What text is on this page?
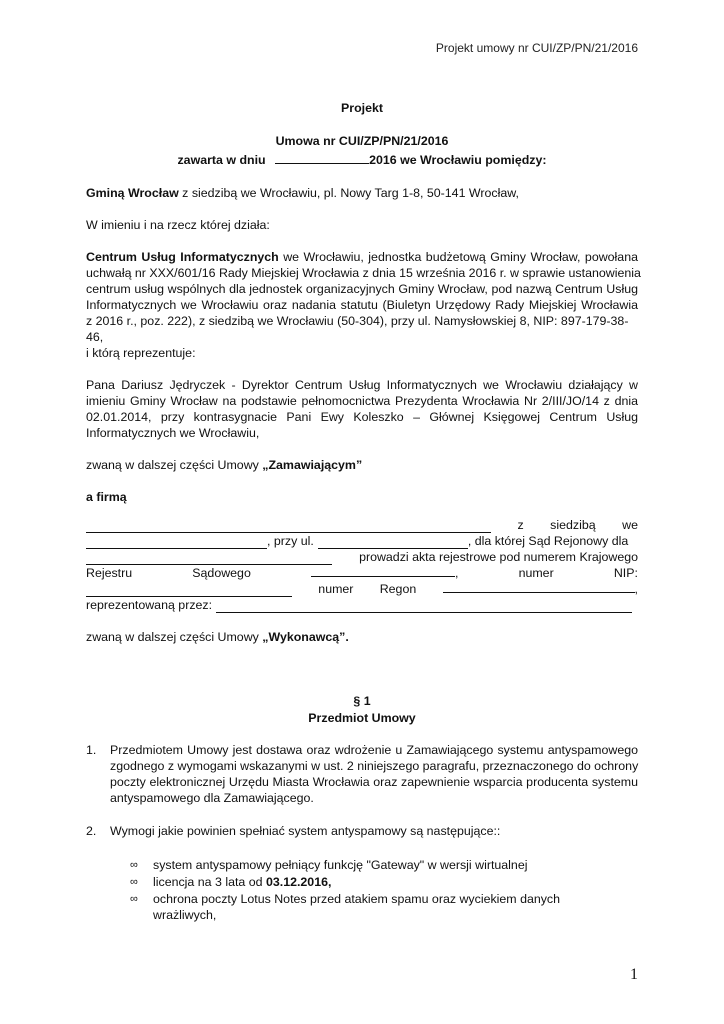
Projekt umowy nr CUI/ZP/PN/21/2016
Projekt
Umowa nr CUI/ZP/PN/21/2016
zawarta w dniu	2016 we Wrocławiu pomiędzy:
Gminą Wrocław z siedzibą we Wrocławiu, pl. Nowy Targ 1-8, 50-141 Wrocław,
W imieniu i na rzecz której działa:
Centrum Usług Informatycznych we Wrocławiu, jednostka budżetową Gminy Wrocław, powołana
uchwałą nr XXX/601/16 Rady Miejskiej Wrocławia z dnia 15 września 2016 r. w sprawie ustanowienia
centrum usług wspólnych dla jednostek organizacyjnych Gminy Wrocław, pod nazwą Centrum Usług
Informatycznych we Wrocławiu oraz nadania statutu (Biuletyn Urzędowy Rady Miejskiej Wrocławia
z 2016 r., poz. 222), z siedzibą we Wrocławiu (50-304), przy ul. Namysłowskiej 8, NIP: 897-179-38-46,
i którą reprezentuje:
Pana Dariusz Jędryczek - Dyrektor Centrum Usług Informatycznych we Wrocławiu działający w
imieniu Gminy Wrocław na podstawie pełnomocnictwa Prezydenta Wrocławia Nr 2/III/JO/14 z dnia
02.01.2014, przy kontrasygnacie Pani Ewy Koleszko – Głównej Księgowej Centrum Usług
Informatycznych we Wrocławiu,
zwaną w dalszej części Umowy „Zamawiającym”
a firmą
z siedzibą we
, przy ul.	, dla której Sąd Rejonowy dla
prowadzi akta rejestrowe pod numerem Krajowego
Rejestru	Sądowego	,	numer	NIP:
numer Regon	,
reprezentowaną przez:
zwaną w dalszej części Umowy „Wykonawcą”.
§ 1
Przedmiot Umowy
1. Przedmiotem Umowy jest dostawa oraz wdrożenie u Zamawiającego systemu antyspamowego
zgodnego z wymogami wskazanymi w ust. 2 niniejszego paragrafu, przeznaczonego do ochrony
poczty elektronicznej Urzędu Miasta Wrocławia oraz zapewnienie wsparcia producenta systemu
antyspamowego dla Zamawiającego.
2. Wymogi jakie powinien spełniać system antyspamowy są następujące::
∞ system antyspamowy pełniący funkcję "Gateway" w wersji wirtualnej
∞ licencja na 3 lata od 03.12.2016,
∞ ochrona poczty Lotus Notes przed atakiem spamu oraz wyciekiem danych
wrażliwych,
1
